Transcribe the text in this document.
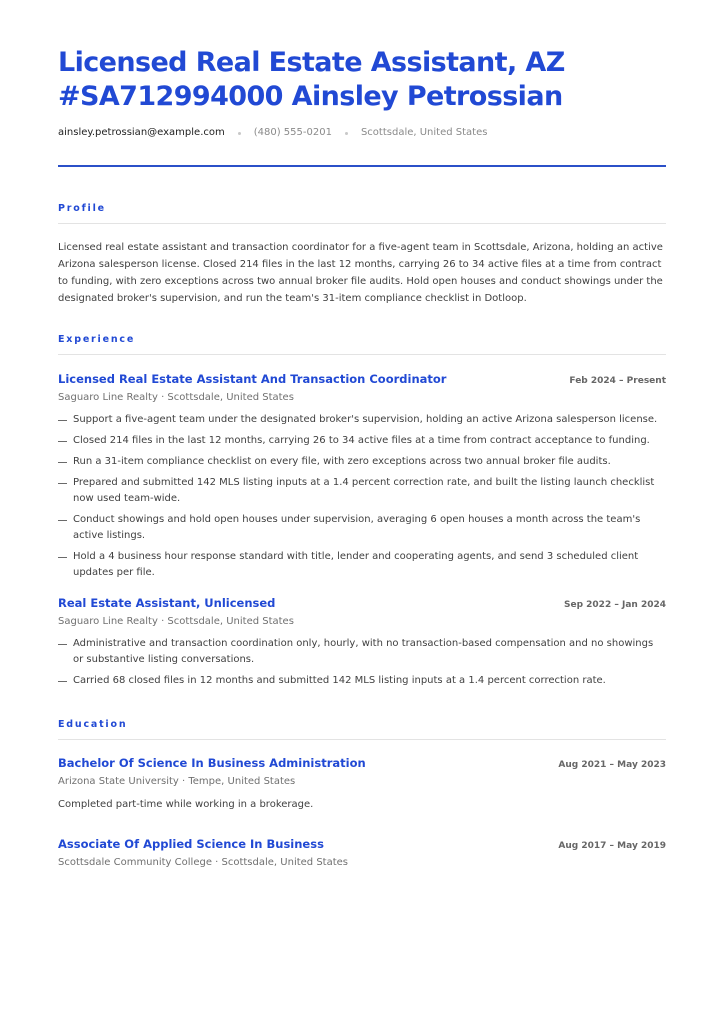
Licensed Real Estate Assistant, AZ #SA712994000 Ainsley Petrossian
ainsley.petrossian@example.com	(480) 555-0201	Scottsdale, United States
Profile
Licensed real estate assistant and transaction coordinator for a five-agent team in Scottsdale, Arizona, holding an active Arizona salesperson license. Closed 214 files in the last 12 months, carrying 26 to 34 active files at a time from contract to funding, with zero exceptions across two annual broker file audits. Hold open houses and conduct showings under the designated broker's supervision, and run the team's 31-item compliance checklist in Dotloop.
Experience
Licensed Real Estate Assistant And Transaction Coordinator	Feb 2024 – Present
Saguaro Line Realty · Scottsdale, United States
Support a five-agent team under the designated broker's supervision, holding an active Arizona salesperson license.
Closed 214 files in the last 12 months, carrying 26 to 34 active files at a time from contract acceptance to funding.
Run a 31-item compliance checklist on every file, with zero exceptions across two annual broker file audits.
Prepared and submitted 142 MLS listing inputs at a 1.4 percent correction rate, and built the listing launch checklist now used team-wide.
Conduct showings and hold open houses under supervision, averaging 6 open houses a month across the team's active listings.
Hold a 4 business hour response standard with title, lender and cooperating agents, and send 3 scheduled client updates per file.
Real Estate Assistant, Unlicensed	Sep 2022 – Jan 2024
Saguaro Line Realty · Scottsdale, United States
Administrative and transaction coordination only, hourly, with no transaction-based compensation and no showings or substantive listing conversations.
Carried 68 closed files in 12 months and submitted 142 MLS listing inputs at a 1.4 percent correction rate.
Education
Bachelor Of Science In Business Administration	Aug 2021 – May 2023
Arizona State University · Tempe, United States
Completed part-time while working in a brokerage.
Associate Of Applied Science In Business	Aug 2017 – May 2019
Scottsdale Community College · Scottsdale, United States
